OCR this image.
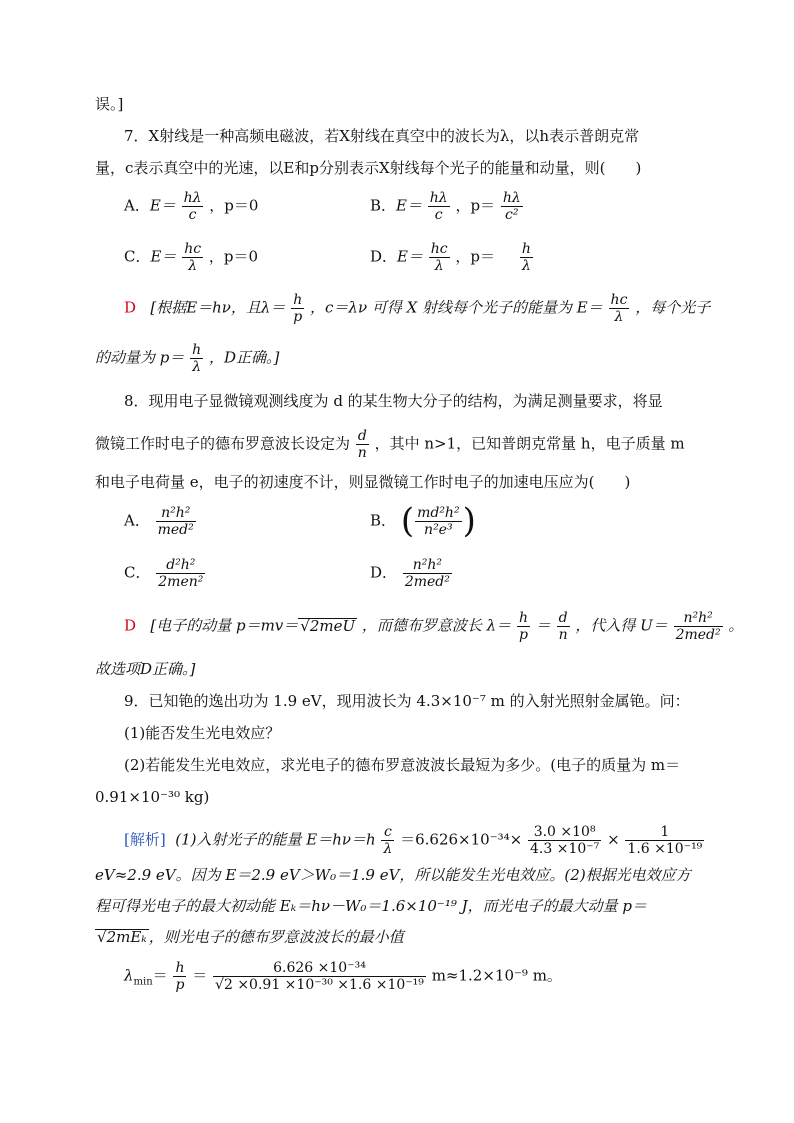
误。]
7．X射线是一种高频电磁波，若X射线在真空中的波长为λ，以h表示普朗克常
量，c表示真空中的光速，以E和p分别表示X射线每个光子的能量和动量，则(　　)
A．$E= \frac{h\lambda}{c}$ ，p＝0	B．$E= \frac{h\lambda}{c}$ ，$p= \frac{h\lambda}{\text{c²}}$
C．$E= \frac{hc}{\lambda}$ ，p＝0	D．$E= \frac{hc}{\lambda}$ ，$p= \frac{h}{\lambda}$
D [根据E＝hν，且$\lambda= \frac{h}{p}$ ，c＝λν 可得 X 射线每个光子的能量为 $E= \frac{hc}{\lambda}$ ，每个光子
的动量为 $p= \frac{h}{\lambda}$ ，D正确。]
8．现用电子显微镜观测线度为 d 的某生物大分子的结构，为满足测量要求，将显
微镜工作时电子的德布罗意波长设定为 $\frac{d}{n}$ ，其中 n>1，已知普朗克常量 h，电子质量 m
和电子电荷量 e，电子的初速度不计，则显微镜工作时电子的加速电压应为(　　)
A． $\frac{\text{n²h²}}{\text{med²}}$	B． ( $\frac{\text{md²h²}}{\text{n²e³}}$ )
C． $\frac{\text{d²h²}}{\text{2men²}}$	D． $\frac{\text{n²h²}}{\text{2med²}}$
D [电子的动量 p＝mv＝ √2meU ，而德布罗意波长 $\lambda= \frac{h}{p} = \frac{d}{n}$ ，代入得 $U= \frac{\text{n²h²}}{\text{2med²}}$ 。
故选项D正确。]
9．已知铯的逸出功为 1.9 eV，现用波长为 4.3×10⁻⁷ m 的入射光照射金属铯。问：
(1)能否发生光电效应？
(2)若能发生光电效应，求光电子的德布罗意波波长最短为多少。(电子的质量为 m＝
0.91×10⁻³⁰ kg)
[解析] (1)入射光子的能量 $E=h\nu=h \frac{c}{\lambda} =6.626\times 10^{-34}\times \frac{\text{3.0 ×10⁸}}{\text{4.3 ×10⁻⁷}} \times \frac{1}{\text{1.6 ×10⁻¹⁹}}$
eV≈2.9 eV。因为 E＝2.9 eV＞W₀＝1.9 eV，所以能发生光电效应。(2)根据光电效应方
程可得光电子的最大初动能 Eₖ＝hν－W₀＝1.6×10⁻¹⁹ J，而光电子的最大动量 p＝
√2mEₖ ，则光电子的德布罗意波波长的最小值
$\lambda_{min}= \frac{h}{p} = \frac{\text{6.626 ×10⁻³⁴}}{\text{√2 ×0.91 ×10⁻³⁰ ×1.6 ×10⁻¹⁹}} m\approx 1.2\times 10^{-9}$ m。
